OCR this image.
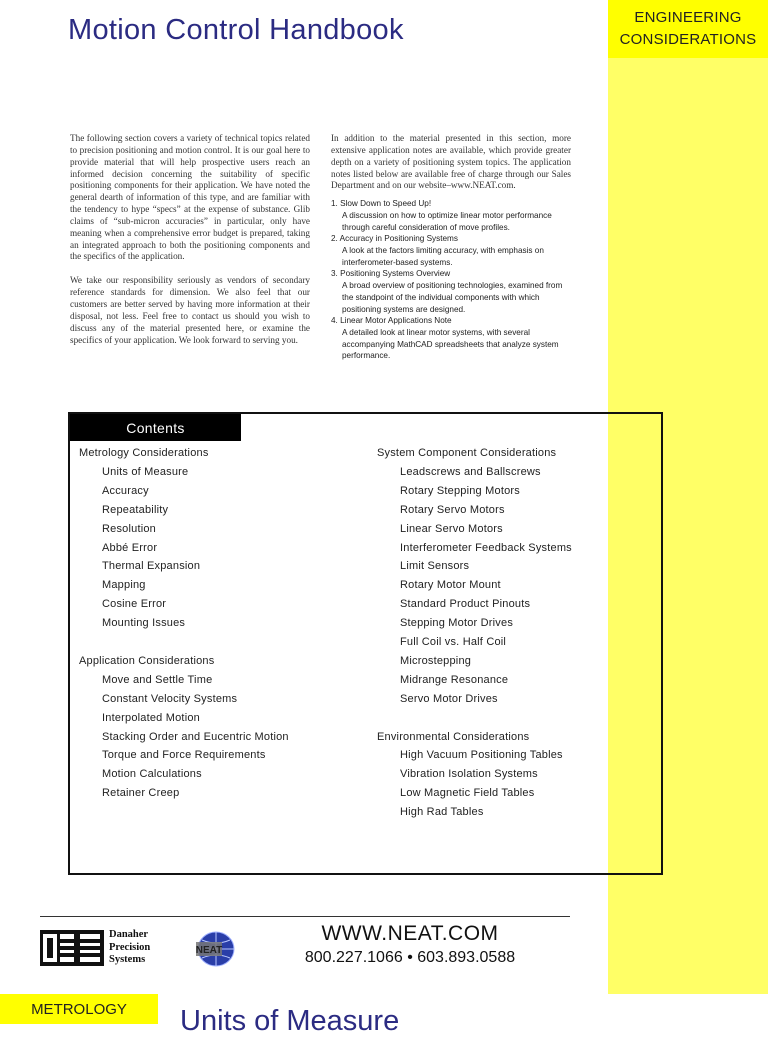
ENGINEERING
CONSIDERATIONS
Motion Control Handbook

The following section covers a variety of technical topics related to precision positioning and motion control. It is our goal here to provide material that will help prospective users reach an informed decision concerning the suitability of specific positioning components for their application. We have noted the general dearth of information of this type, and are familiar with the tendency to hype “specs” at the expense of substance. Glib claims of “sub-micron accuracies” in particular, only have meaning when a comprehensive error budget is prepared, taking an integrated approach to both the positioning components and the specifics of the application.

We take our responsibility seriously as vendors of secondary reference standards for dimension. We also feel that our customers are better served by having more information at their disposal, not less. Feel free to contact us should you wish to discuss any of the material presented here, or examine the specifics of your application. We look forward to serving you.

In addition to the material presented in this section, more extensive application notes are available, which provide greater depth on a variety of positioning system topics. The application notes listed below are available free of charge through our Sales Department and on our website–www.NEAT.com.

1. Slow Down to Speed Up!
A discussion on how to optimize linear motor performance through careful consideration of move profiles.
2. Accuracy in Positioning Systems
A look at the factors limiting accuracy, with emphasis on interferometer-based systems.
3. Positioning Systems Overview
A broad overview of positioning technologies, examined from the standpoint of the individual components with which positioning systems are designed.
4. Linear Motor Applications Note
A detailed look at linear motor systems, with several accompanying MathCAD spreadsheets that analyze system performance.
Contents
Metrology Considerations
Units of Measure
Accuracy
Repeatability
Resolution
Abbé Error
Thermal Expansion
Mapping
Cosine Error
Mounting Issues
Application Considerations
Move and Settle Time
Constant Velocity Systems
Interpolated Motion
Stacking Order and Eucentric Motion
Torque and Force Requirements
Motion Calculations
Retainer Creep
System Component Considerations
Leadscrews and Ballscrews
Rotary Stepping Motors
Rotary Servo Motors
Linear Servo Motors
Interferometer Feedback Systems
Limit Sensors
Rotary Motor Mount
Standard Product Pinouts
Stepping Motor Drives
Full Coil vs. Half Coil
Microstepping
Midrange Resonance
Servo Motor Drives
Environmental Considerations
High Vacuum Positioning Tables
Vibration Isolation Systems
Low Magnetic Field Tables
High Rad Tables
Danaher
Precision
Systems
NEAT
WWW.NEAT.COM
800.227.1066 • 603.893.0588
METROLOGY	Units of Measure
